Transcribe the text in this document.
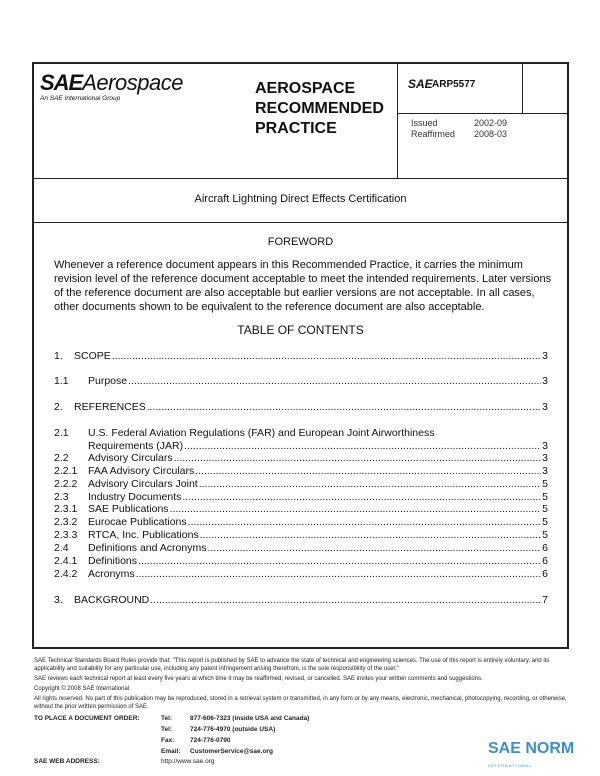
SAEAerospace
An SAE International Group
AEROSPACE
RECOMMENDED
PRACTICE
SAE ARP5577
Issued	2002-09
Reaffirmed 2008-03
Aircraft Lightning Direct Effects Certification
FOREWORD
Whenever a reference document appears in this Recommended Practice, it carries the minimum revision level of the reference document acceptable to meet the intended requirements. Later versions of the reference document are also acceptable but earlier versions are not acceptable. In all cases, other documents shown to be equivalent to the reference document are also acceptable.
TABLE OF CONTENTS
1.	SCOPE .....	3
1.1	Purpose .....	3
2.	REFERENCES .....	3
2.1	U.S. Federal Aviation Regulations (FAR) and European Joint Airworthiness
Requirements (JAR) .....	3
2.2	Advisory Circulars .....	3
2.2.1	FAA Advisory Circulars .....	3
2.2.2	Advisory Circulars Joint .....	5
2.3	Industry Documents .....	5
2.3.1	SAE Publications .....	5
2.3.2	Eurocae Publications .....	5
2.3.3	RTCA, Inc. Publications .....	5
2.4	Definitions and Acronyms .....	6
2.4.1	Definitions .....	6
2.4.2	Acronyms .....	6
3.	BACKGROUND .....	7
SAE Technical Standards Board Rules provide that: "This report is published by SAE to advance the state of technical and engineering sciences. The use of this report is entirely voluntary, and its applicability and suitability for any particular use, including any patent infringement arising therefrom, is the sole responsibility of the user."
SAE reviews each technical report at least every five years at which time it may be reaffirmed, revised, or cancelled. SAE invites your written comments and suggestions.
Copyright © 2008 SAE International
All rights reserved. No part of this publication may be reproduced, stored in a retrieval system or transmitted, in any form or by any means, electronic, mechanical, photocopying, recording, or otherwise, without the prior written permission of SAE.
TO PLACE A DOCUMENT ORDER:	Tel:	877-606-7323 (inside USA and Canada)
Tel:	724-776-4970 (outside USA)
Fax: 724-776-0790
Email: CustomerService@sae.org
SAE WEB ADDRESS:	http://www.sae.org
SAE NORM
INTERNATIONAL
